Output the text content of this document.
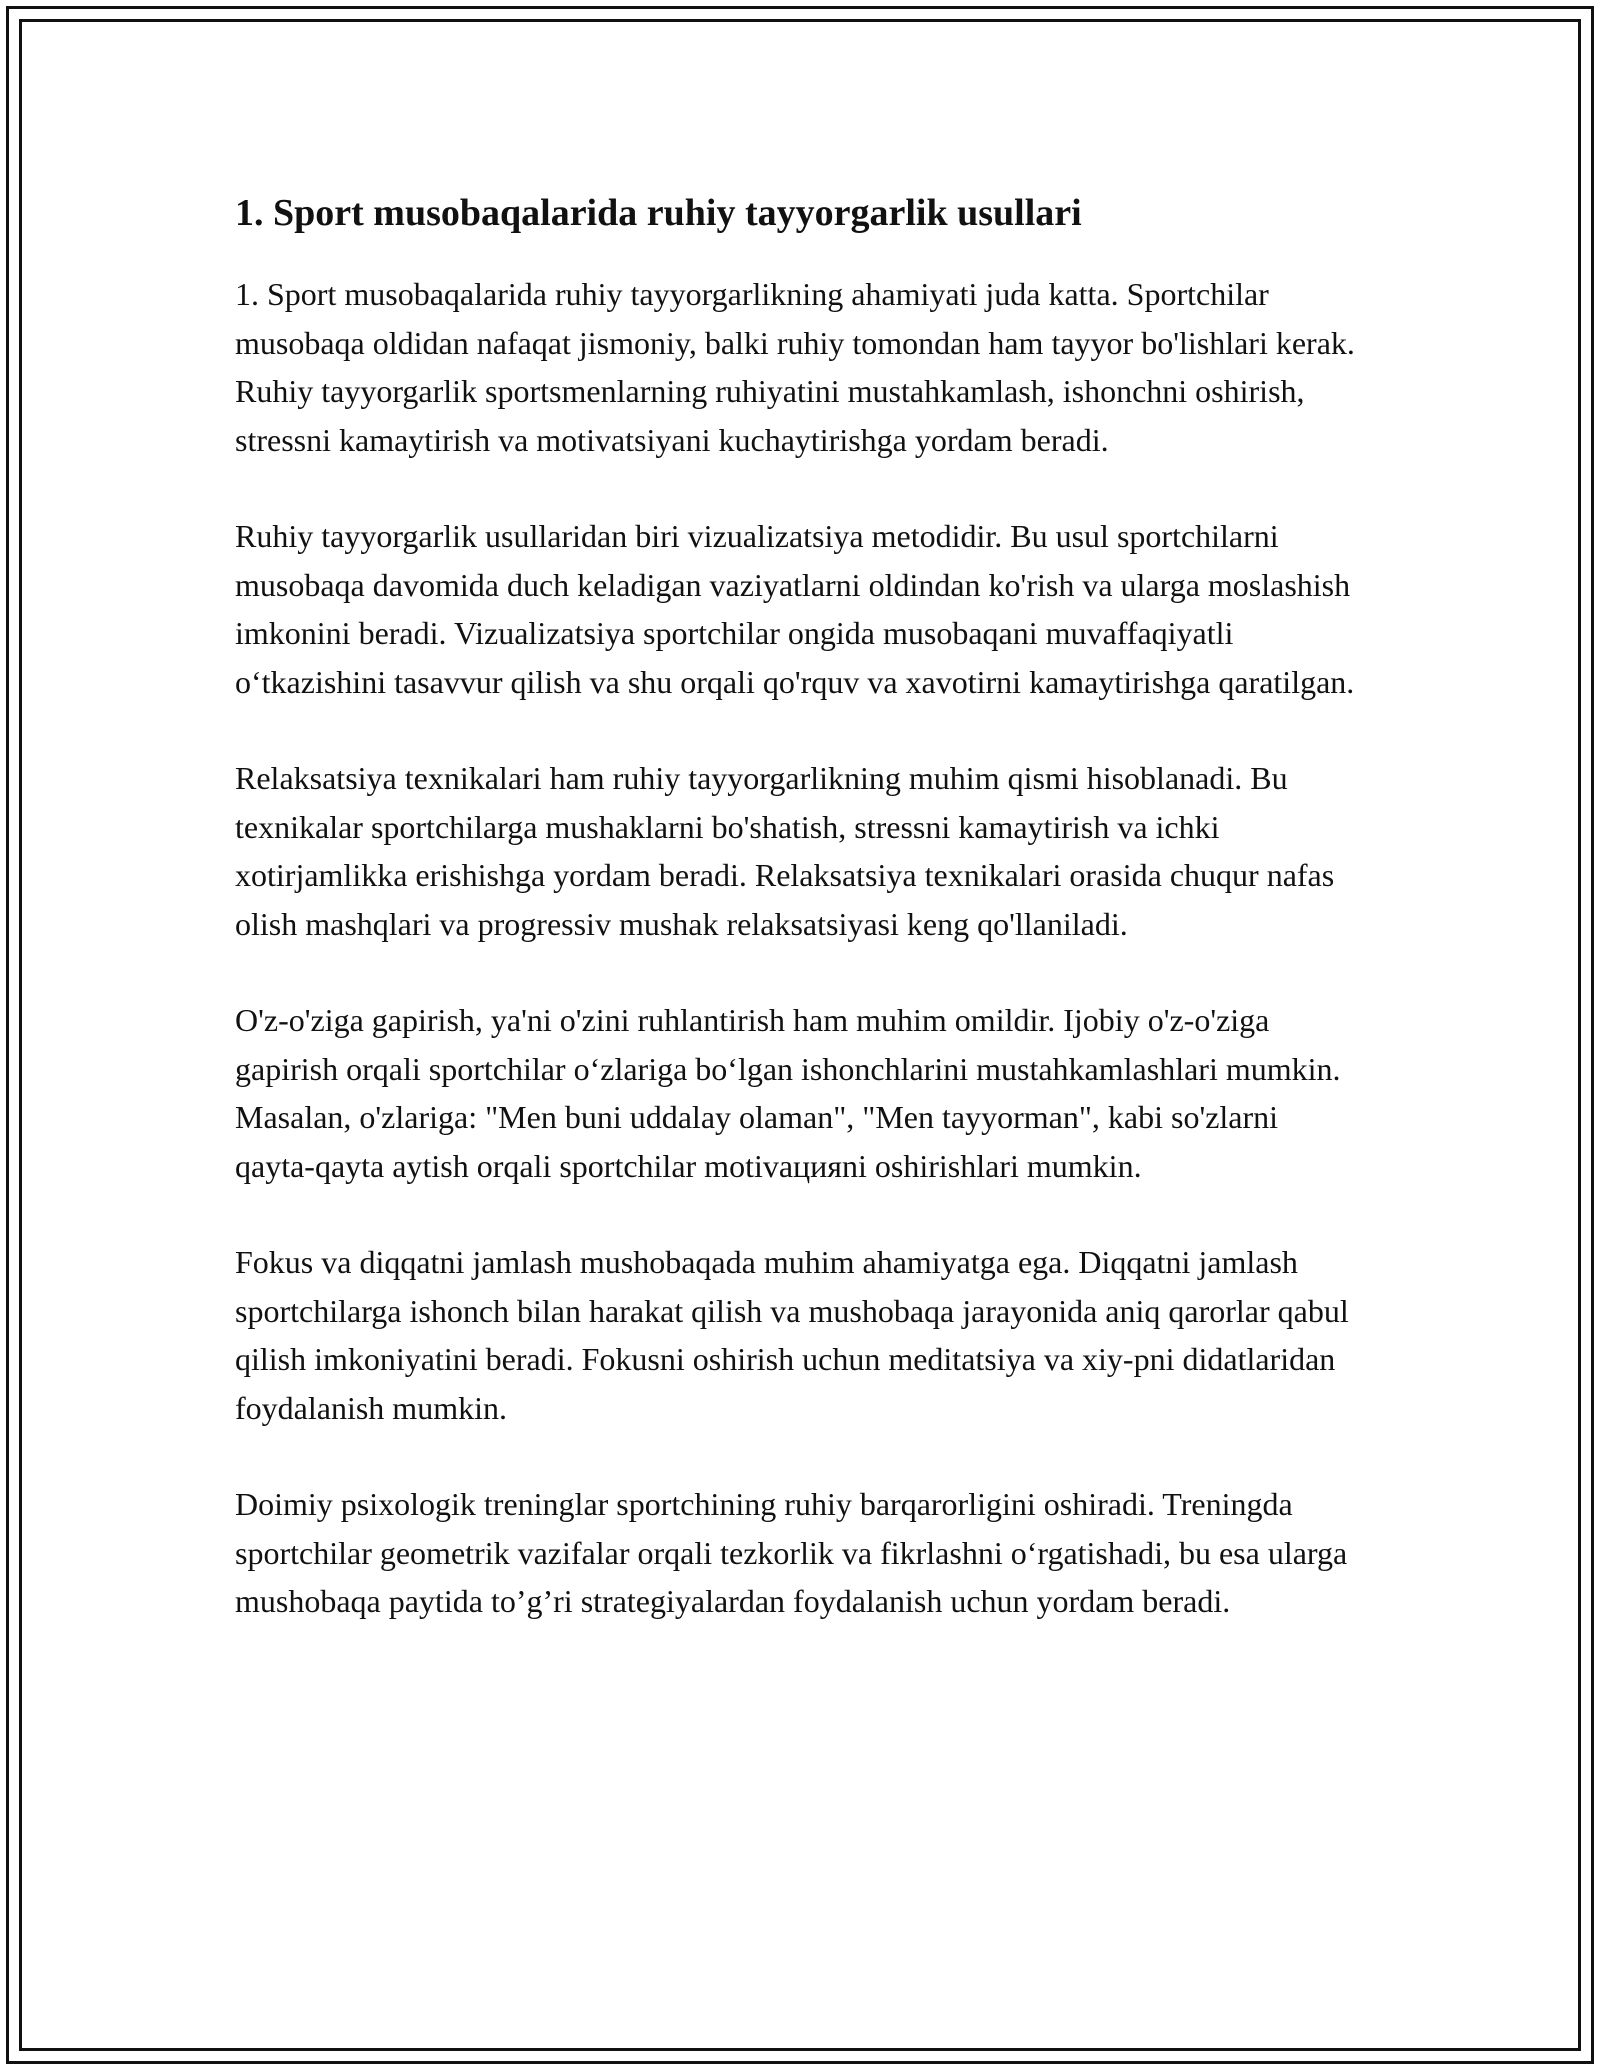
1. Sport musobaqalarida ruhiy tayyorgarlik usullari

1. Sport musobaqalarida ruhiy tayyorgarlikning ahamiyati juda katta. Sportchilar musobaqa oldidan nafaqat jismoniy, balki ruhiy tomondan ham tayyor bo'lishlari kerak. Ruhiy tayyorgarlik sportsmenlarning ruhiyatini mustahkamlash, ishonchni oshirish, stressni kamaytirish va motivatsiyani kuchaytirishga yordam beradi.

Ruhiy tayyorgarlik usullaridan biri vizualizatsiya metodidir. Bu usul sportchilarni musobaqa davomida duch keladigan vaziyatlarni oldindan ko'rish va ularga moslashish imkonini beradi. Vizualizatsiya sportchilar ongida musobaqani muvaffaqiyatli o‘tkazishini tasavvur qilish va shu orqali qo'rquv va xavotirni kamaytirishga qaratilgan.

Relaksatsiya texnikalari ham ruhiy tayyorgarlikning muhim qismi hisoblanadi. Bu texnikalar sportchilarga mushaklarni bo'shatish, stressni kamaytirish va ichki xotirjamlikka erishishga yordam beradi. Relaksatsiya texnikalari orasida chuqur nafas olish mashqlari va progressiv mushak relaksatsiyasi keng qo'llaniladi.

O'z-o'ziga gapirish, ya'ni o'zini ruhlantirish ham muhim omildir. Ijobiy o'z-o'ziga gapirish orqali sportchilar o‘zlariga bo‘lgan ishonchlarini mustahkamlashlari mumkin. Masalan, o'zlariga: "Men buni uddalay olaman", "Men tayyorman", kabi so'zlarni qayta-qayta aytish orqali sportchilar motivaцияni oshirishlari mumkin.

Fokus va diqqatni jamlash mushobaqada muhim ahamiyatga ega. Diqqatni jamlash sportchilarga ishonch bilan harakat qilish va mushobaqa jarayonida aniq qarorlar qabul qilish imkoniyatini beradi. Fokusni oshirish uchun meditatsiya va xiy-pni didatlaridan foydalanish mumkin.

Doimiy psixologik treninglar sportchining ruhiy barqarorligini oshiradi. Treningda sportchilar geometrik vazifalar orqali tezkorlik va fikrlashni o‘rgatishadi, bu esa ularga mushobaqa paytida to’g’ri strategiyalardan foydalanish uchun yordam beradi.
